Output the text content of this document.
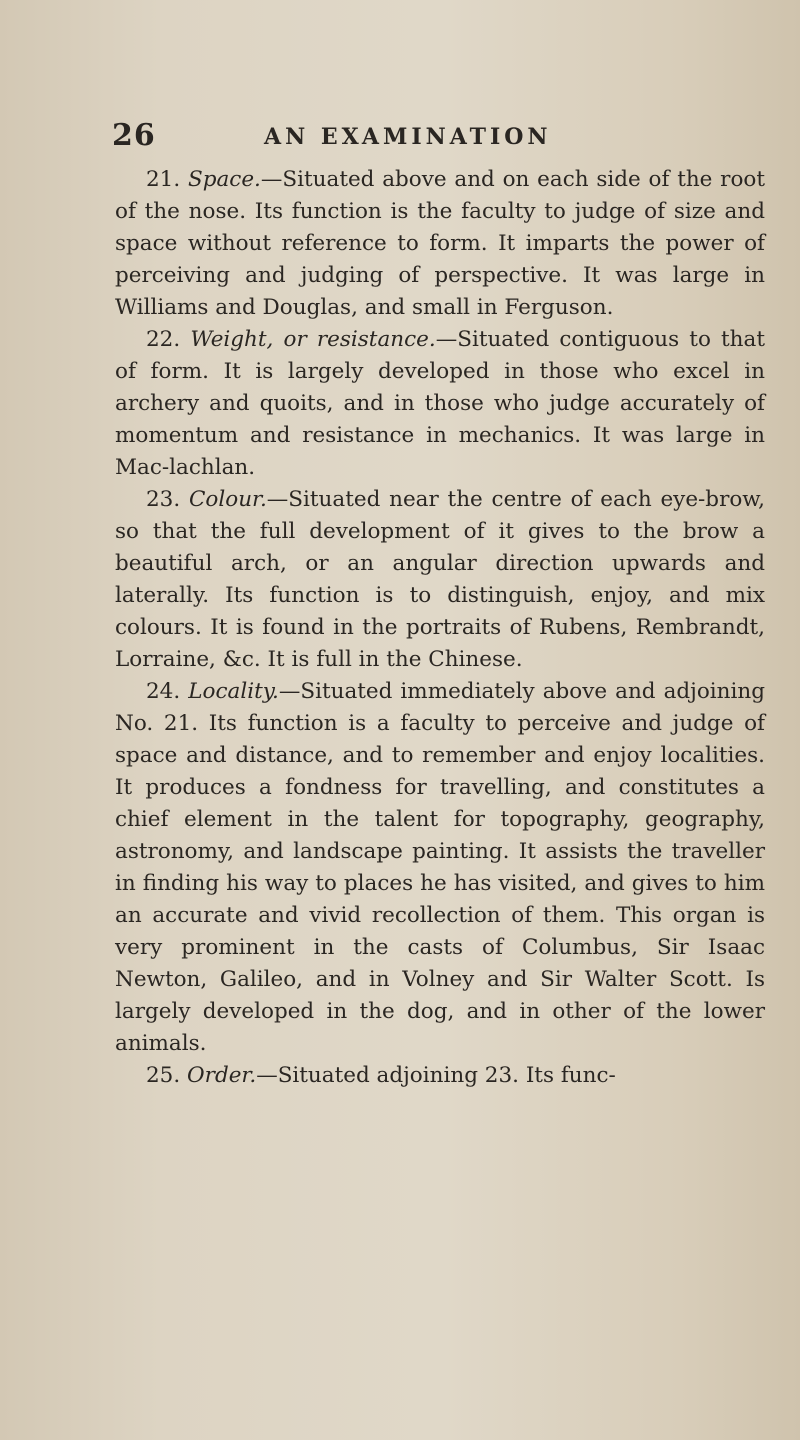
26	AN EXAMINATION

21. Space.—Situated above and on each side of the root of the nose. Its function is the faculty to judge of size and space without reference to form. It imparts the power of perceiving and judging of perspective. It was large in Williams and Douglas, and small in Ferguson.

22. Weight, or resistance.—Situated contiguous to that of form. It is largely developed in those who excel in archery and quoits, and in those who judge accurately of momentum and resistance in mechanics. It was large in Mac-lachlan.

23. Colour.—Situated near the centre of each eye-brow, so that the full development of it gives to the brow a beautiful arch, or an angular direction upwards and laterally. Its function is to distinguish, enjoy, and mix colours. It is found in the portraits of Rubens, Rembrandt, Lorraine, &c. It is full in the Chinese.

24. Locality.—Situated immediately above and adjoining No. 21. Its function is a faculty to perceive and judge of space and distance, and to remember and enjoy localities. It produces a fondness for travelling, and constitutes a chief element in the talent for topography, geography, astronomy, and landscape painting. It assists the traveller in finding his way to places he has visited, and gives to him an accurate and vivid recollection of them. This organ is very prominent in the casts of Columbus, Sir Isaac Newton, Galileo, and in Volney and Sir Walter Scott. Is largely developed in the dog, and in other of the lower animals.

25. Order.—Situated adjoining 23. Its func-
